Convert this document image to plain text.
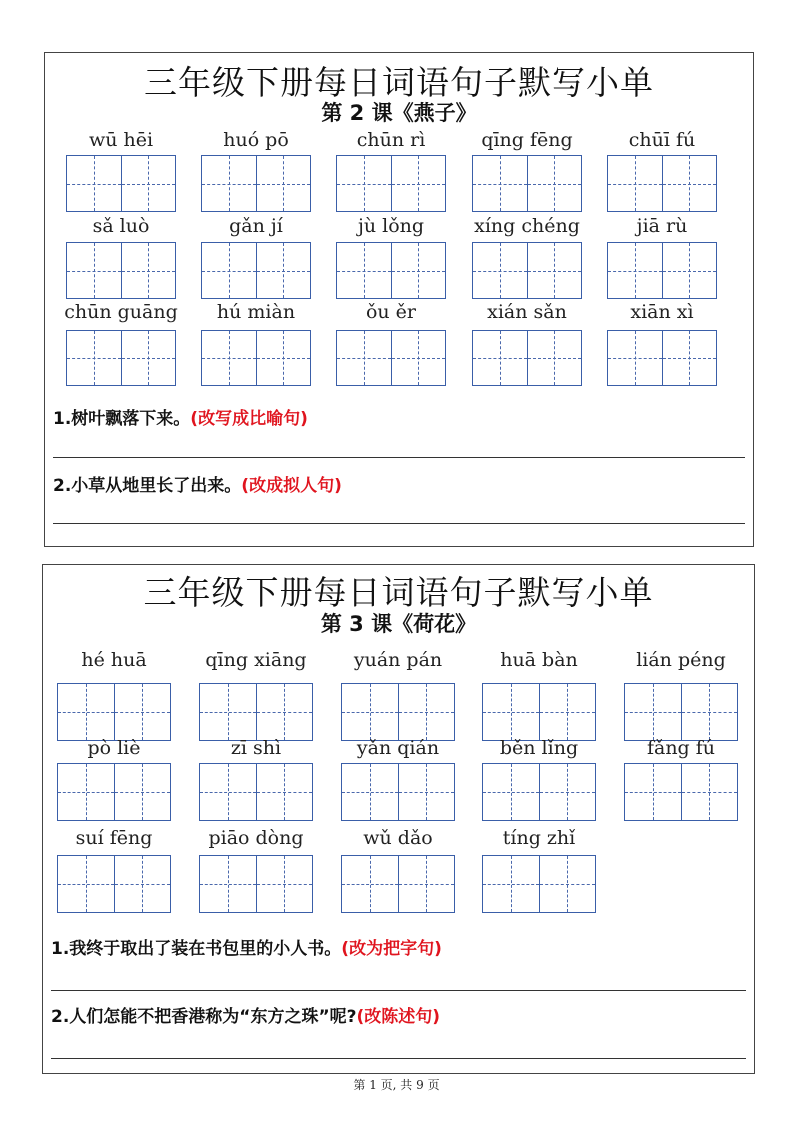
三年级下册每日词语句子默写小单
第 2 课《燕子》
wū hēi	huó pō	chūn rì	qīng fēng	chūī fú
sǎ luò	gǎn jí	jù lǒng	xíng chéng	jiā rù
chūn guāng	hú miàn	ǒu ěr	xián sǎn	xiān xì
1.树叶飘落下来。(改写成比喻句)
2.小草从地里长了出来。(改成拟人句)
三年级下册每日词语句子默写小单
第 3 课《荷花》
hé huā	qīng xiāng	yuán pán	huā bàn	lián péng
pò liè	zī shì	yǎn qián	běn lǐng	fǎng fú
suí fēng	piāo dòng	wǔ dǎo	tíng zhǐ
1.我终于取出了装在书包里的小人书。(改为把字句)
2.人们怎能不把香港称为“东方之珠”呢?(改陈述句)
第 1 页, 共 9 页
